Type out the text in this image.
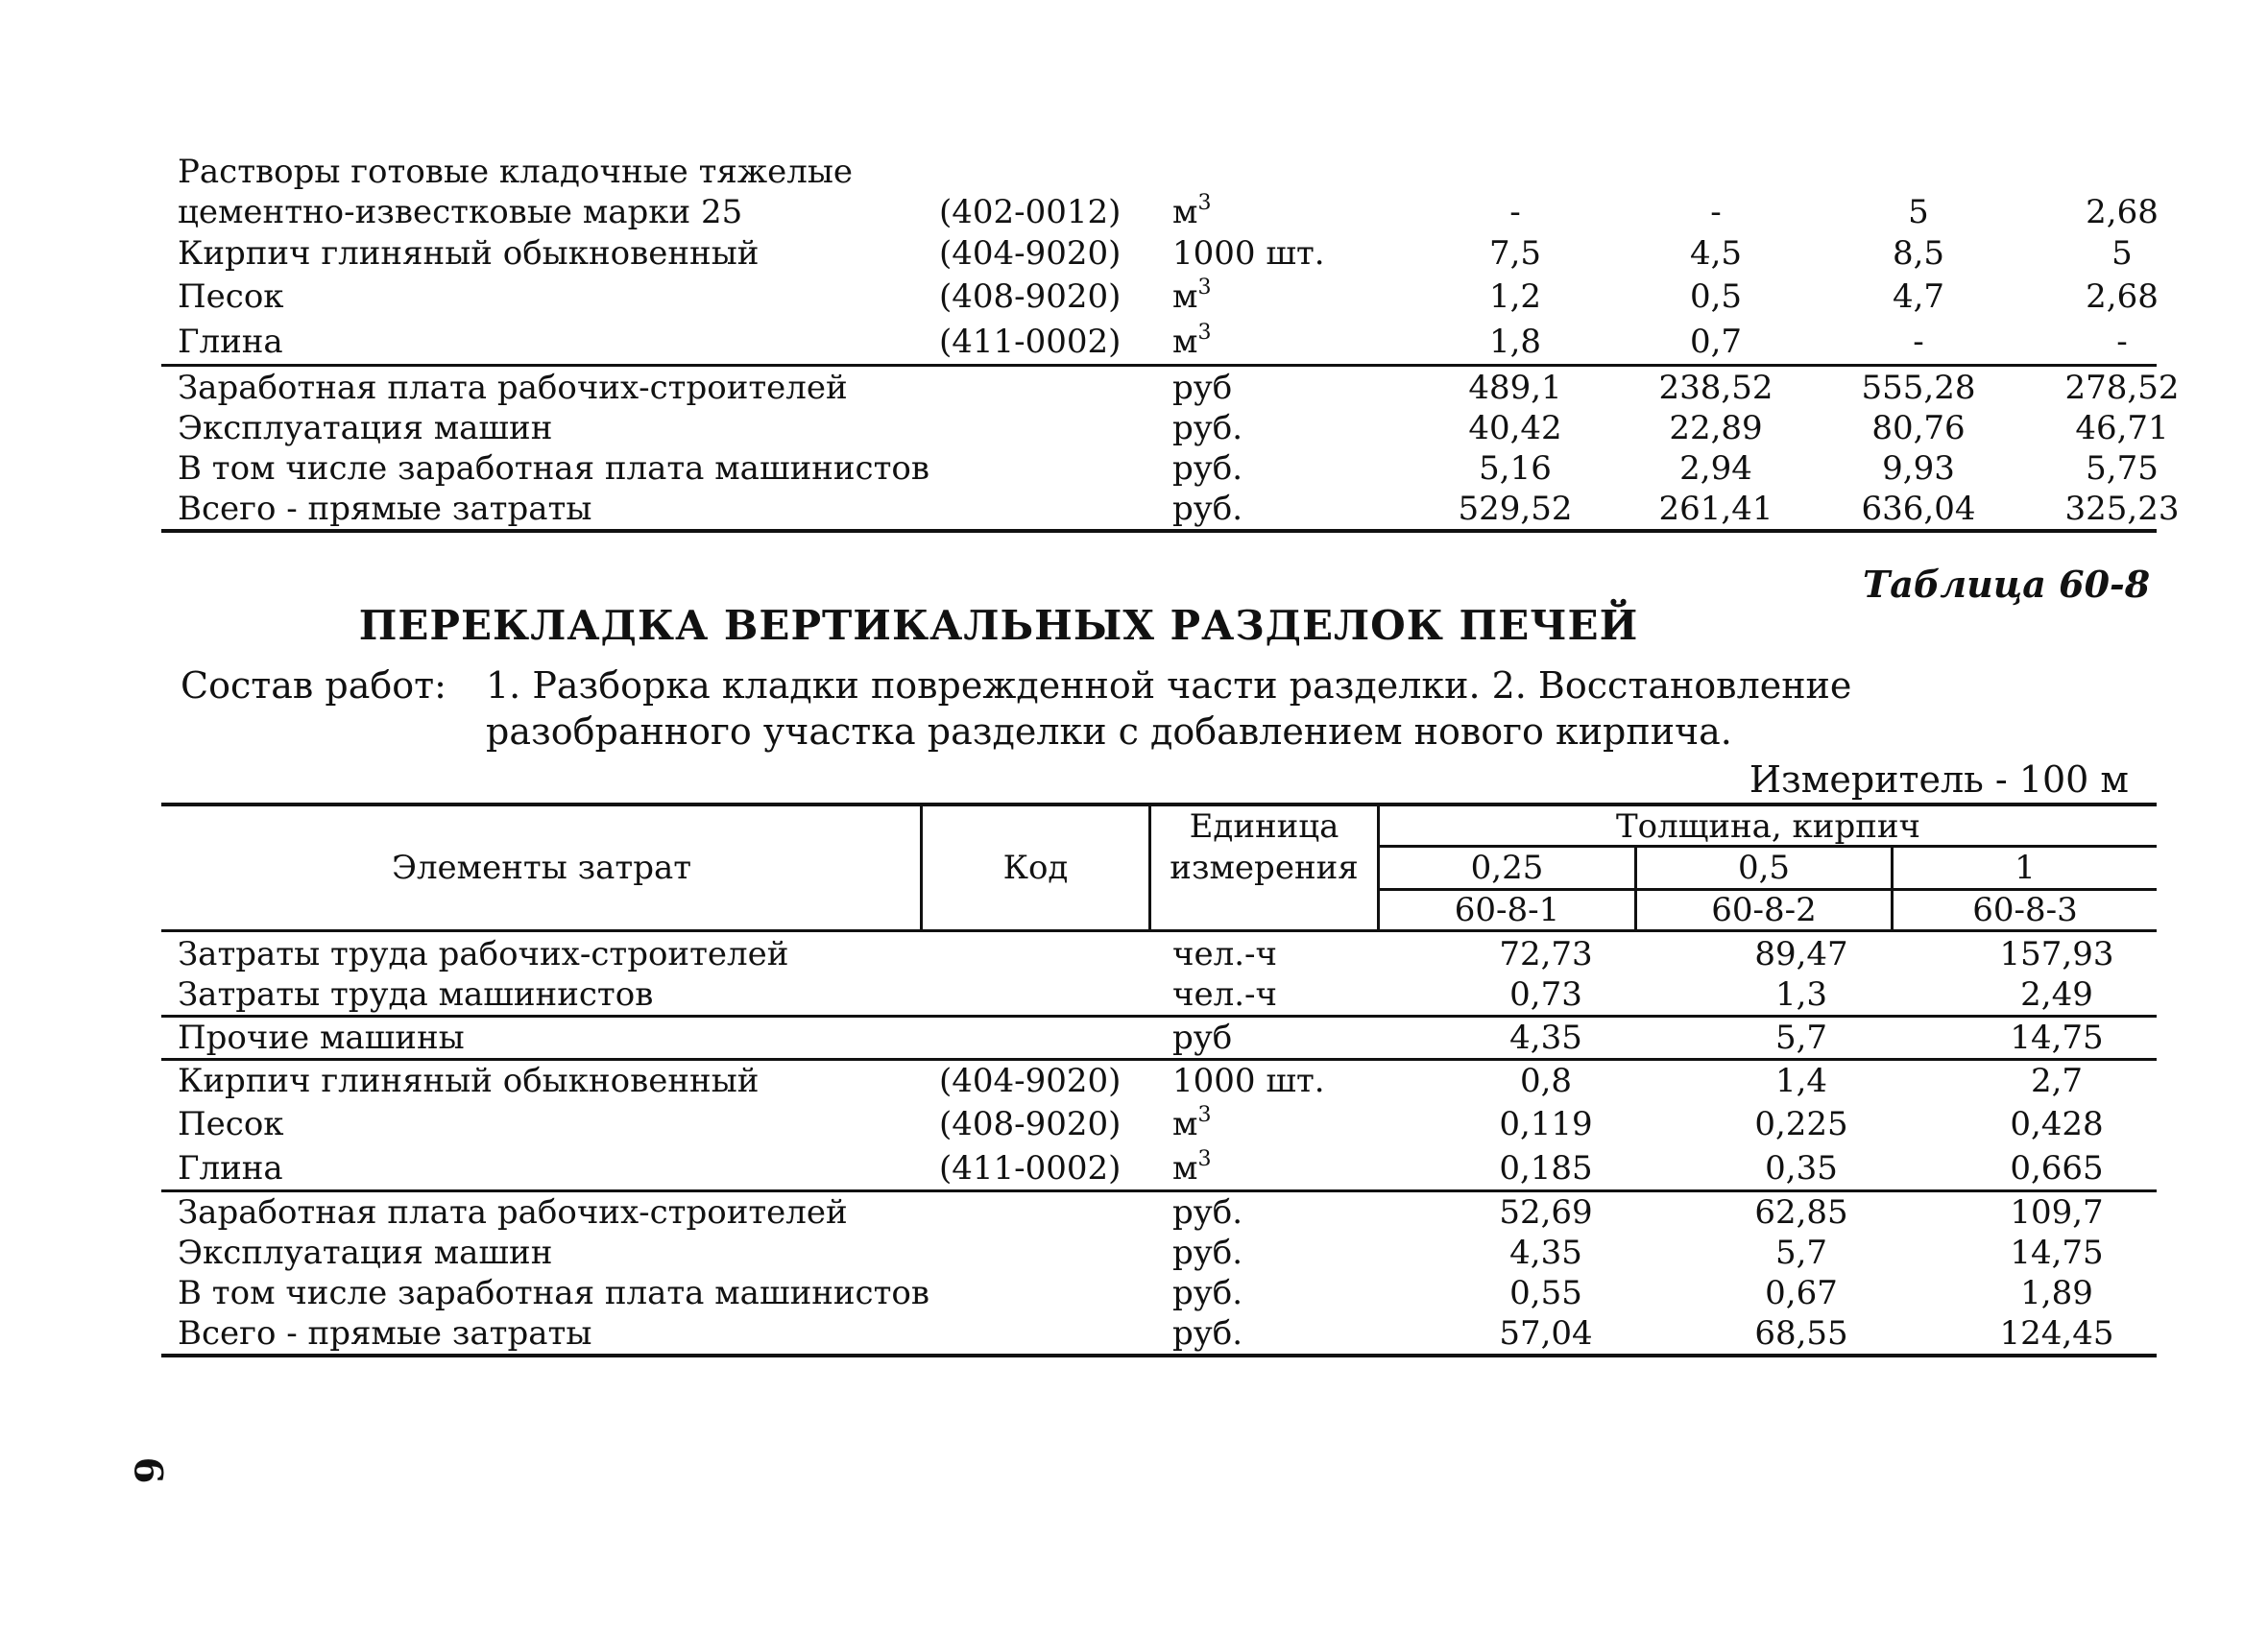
Растворы готовые кладочные тяжелые
цементно-известковые марки 25	(402-0012) $м^3$	-	-	5	2,68
Кирпич глиняный обыкновенный	(404-9020) 1000 шт.	7,5	4,5	8,5	5
Песок	(408-9020) $м^3$	1,2	0,5	4,7	2,68
Глина	(411-0002) $м^3$	1,8	0,7	-	-
Заработная плата рабочих-строителей	руб	489,1	238,52	555,28	278,52
Эксплуатация машин	руб.	40,42	22,89	80,76	46,71
В том числе заработная плата машинистов	руб.	5,16	2,94	9,93	5,75
Всего - прямые затраты	руб.	529,52	261,41	636,04	325,23
Таблица 60-8
ПЕРЕКЛАДКА ВЕРТИКАЛЬНЫХ РАЗДЕЛОК ПЕЧЕЙ
Состав работ: 1. Разборка кладки поврежденной части разделки. 2. Восстановление разобранного участка разделки с добавлением нового кирпича.
Измеритель - 100 м
Элементы затрат	Код
Единица
измерения
Толщина, кирпич
0,25	0,5	1
60-8-1	60-8-2	60-8-3
Затраты труда рабочих-строителей	чел.-ч	72,73	89,47	157,93
Затраты труда машинистов	чел.-ч	0,73	1,3	2,49
Прочие машины	руб	4,35	5,7	14,75
Кирпич глиняный обыкновенный	(404-9020) 1000 шт.	0,8	1,4	2,7
Песок	(408-9020) $м^3$	0,119	0,225	0,428
Глина	(411-0002) $м^3$	0,185	0,35	0,665
Заработная плата рабочих-строителей	руб.	52,69	62,85	109,7
Эксплуатация машин	руб.	4,35	5,7	14,75
В том числе заработная плата машинистов	руб.	0,55	0,67	1,89
Всего - прямые затраты	руб.	57,04	68,55	124,45
6
